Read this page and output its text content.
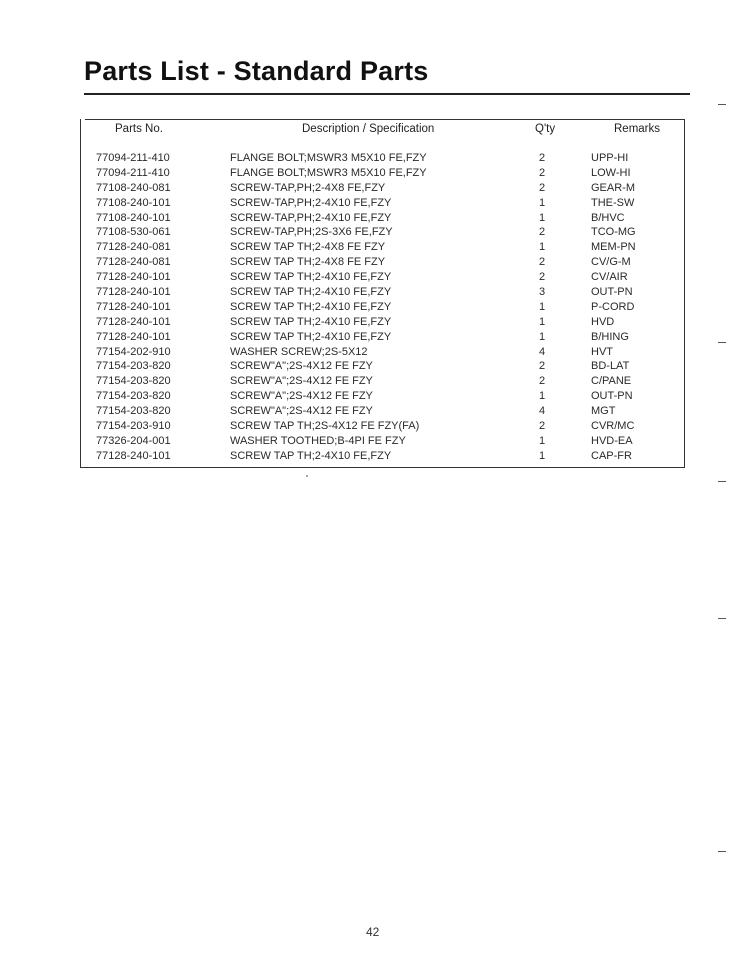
Parts List - Standard Parts
Parts No.	Description / Specification	Q'ty	Remarks
77094-211-410	FLANGE BOLT;MSWR3 M5X10 FE,FZY	2	UPP-HI
77094-211-410	FLANGE BOLT;MSWR3 M5X10 FE,FZY	2	LOW-HI
77108-240-081	SCREW-TAP,PH;2-4X8 FE,FZY	2	GEAR-M
77108-240-101	SCREW-TAP,PH;2-4X10 FE,FZY	1	THE-SW
77108-240-101	SCREW-TAP,PH;2-4X10 FE,FZY	1	B/HVC
77108-530-061	SCREW-TAP,PH;2S-3X6 FE,FZY	2	TCO-MG
77128-240-081	SCREW TAP TH;2-4X8 FE FZY	1	MEM-PN
77128-240-081	SCREW TAP TH;2-4X8 FE FZY	2	CV/G-M
77128-240-101	SCREW TAP TH;2-4X10 FE,FZY	2	CV/AIR
77128-240-101	SCREW TAP TH;2-4X10 FE,FZY	3	OUT-PN
77128-240-101	SCREW TAP TH;2-4X10 FE,FZY	1	P-CORD
77128-240-101	SCREW TAP TH;2-4X10 FE,FZY	1	HVD
77128-240-101	SCREW TAP TH;2-4X10 FE,FZY	1	B/HING
77154-202-910	WASHER SCREW;2S-5X12	4	HVT
77154-203-820	SCREW"A";2S-4X12 FE FZY	2	BD-LAT
77154-203-820	SCREW"A";2S-4X12 FE FZY	2	C/PANE
77154-203-820	SCREW"A";2S-4X12 FE FZY	1	OUT-PN
77154-203-820	SCREW"A";2S-4X12 FE FZY	4	MGT
77154-203-910	SCREW TAP TH;2S-4X12 FE FZY(FA)	2	CVR/MC
77326-204-001	WASHER TOOTHED;B-4PI FE FZY	1	HVD-EA
77128-240-101	SCREW TAP TH;2-4X10 FE,FZY	1	CAP-FR
42
